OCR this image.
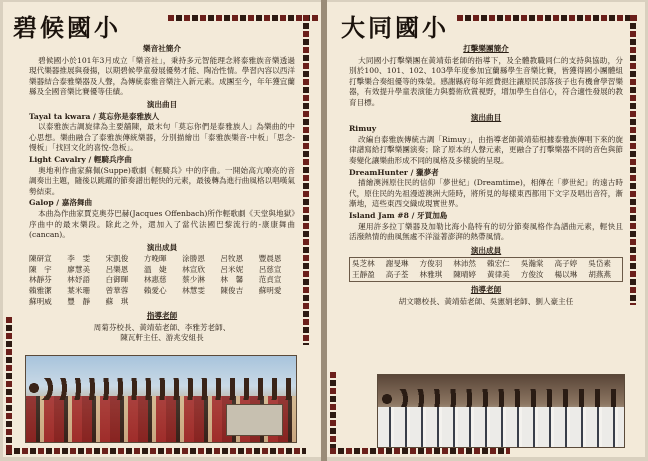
碧候國小
樂音社簡介

碧候國小於101年3月成立「樂音社」，秉持多元智能理念將泰雅族音樂透過現代樂器推展與發揚，以期碧候學童發展優勢才能、陶冶性情。學習內容以西洋樂器結合泰雅樂器及人聲，為傳統泰雅音樂注入新元素。成團至今，年年獲宜蘭縣及全國音樂比賽優等佳績。

演出曲目
Tayal ta kwara / 莫忘你是泰雅族人

以泰雅族古調旋律為主要舖陳，最末句「莫忘你們是泰雅族人」為樂曲的中心思想。樂曲融合了泰雅族傳統樂器，分別描繪出「泰雅族樂音-中板」「思念-慢板」「找回文化的喜悅-急板」。

Light Cavalry / 輕騎兵序曲

奧地利作曲家蘇佩(Suppe)歌劇《輕騎兵》中的序曲。一開始高亢嘹亮的音調奏出主題，隨後以跳躍的節奏譜出輕快的元素，最後轉為進行曲風格以唱嘆氣勢結束。

Galop / 嘉洛舞曲

本曲為作曲家賈克奧芬巴赫(Jacques Offenbach)所作輕歌劇《天堂與地獄》序曲中的最末樂段。除此之外，還加入了當代法國巴黎流行的-康康舞曲(cancan)。

演出成員
陳研宣	李　雯	宋凱俊	方晚暉	涂勝恩	呂牧恩	豐晨恩
陳　宇	廖慧美	呂樂恩	溫　婕	林宣欣	呂米妮	呂慈宣
林靜芬	林妤語	白御暉	林惠慈	蔡少淋	林　馨	范貞宣
賴雅潔	葉米珊	曾華蓉	賴愛心	林慧雯	陳俊吉	蘇明愛
蘇明威	豐　靜	蘇　琪
指導老師
周菊芬校長、黃靖茹老師、李雅芳老師、
陳瓦軒主任、游兆安組長
大同國小
打擊樂團簡介

大同國小打擊樂團在黃靖茹老師的指導下，及全體教職同仁的支持與協助，分別於100、101、102、103學年度參加宜蘭縣學生音樂比賽，皆獲得國小團體組打擊樂合奏組優等的殊榮。感謝縣府每年經費挹注讓原民部落孩子也有機會學習樂器，有效提升學童表演能力與藝術欣賞視野，增加學生自信心，符合適性發展的教育目標。

演出曲目
Rimuy

改編自泰雅族傳統古調「Rimuy」，由指導老師黃靖茹根據泰雅族傳唱下來的旋律譜寫給打擊樂團演奏；除了原本的人聲元素，更融合了打擊樂器不同的音色與節奏變化讓樂曲形成不同的風格及多樣貌的呈現。

DreamHunter / 獵夢者

描繪澳洲原住民的信仰「夢世紀」(Dreamtime)，相傳在「夢世紀」的遠古時代，原住民的先祖漫遊澳洲大陸時，將所見的每樣東西都用下文字及唱出音符，漸漸地，這些東西交織成現實世界。

Island Jam #8 / 牙買加島

運用許多拉丁樂器及加勒比海小島特有的切分節奏風格作為譜曲元素，輕快且活潑熱情的曲風無處不洋溢著澎湃的熱帶風情。

演出成員
吳芝林	謝旻琳	方俊羽	林沛然	賴宏仁	吳瀚棠	高子婷	吳岱素
王靜盈	高子荃	林雅琪	陳晴婷	黃律美	方俊汝	楊以琳	胡燕燕
指導老師
胡文聰校長、黃靖茹老師、吳憲娟老師、劉人豪主任
